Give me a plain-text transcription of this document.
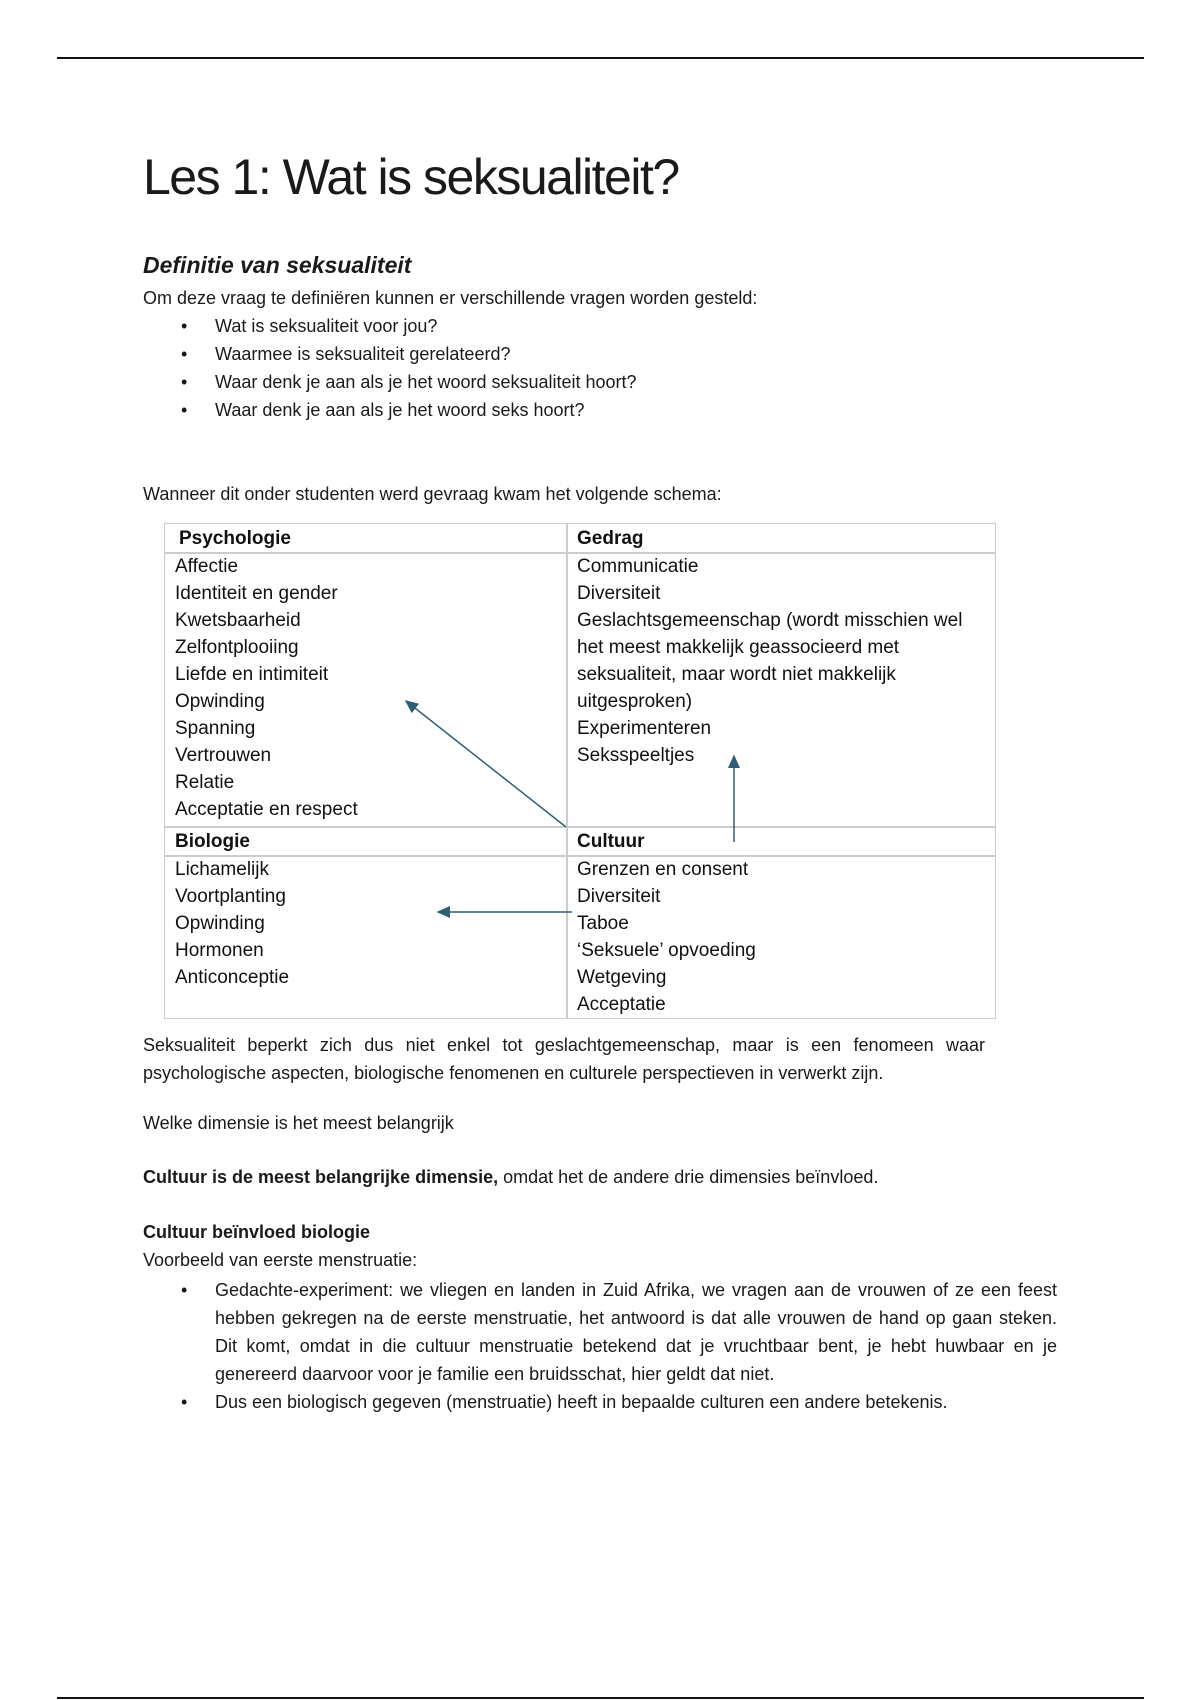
Les 1: Wat is seksualiteit?
Definitie van seksualiteit
Om deze vraag te definiëren kunnen er verschillende vragen worden gesteld:
• Wat is seksualiteit voor jou?
• Waarmee is seksualiteit gerelateerd?
• Waar denk je aan als je het woord seksualiteit hoort?
• Waar denk je aan als je het woord seks hoort?
Wanneer dit onder studenten werd gevraag kwam het volgende schema:
Psychologie	Gedrag
Affectie
Identiteit en gender
Kwetsbaarheid
Zelfontplooiing
Liefde en intimiteit
Opwinding
Spanning
Vertrouwen
Relatie
Acceptatie en respect
Communicatie
Diversiteit
Geslachtsgemeenschap (wordt misschien wel
het meest makkelijk geassocieerd met
seksualiteit, maar wordt niet makkelijk
uitgesproken)
Experimenteren
Seksspeeltjes
Biologie	Cultuur
Lichamelijk
Voortplanting
Opwinding
Hormonen
Anticonceptie
Grenzen en consent
Diversiteit
Taboe
‘Seksuele’ opvoeding
Wetgeving
Acceptatie
Seksualiteit beperkt zich dus niet enkel tot geslachtgemeenschap, maar is een fenomeen waar psychologische aspecten, biologische fenomenen en culturele perspectieven in verwerkt zijn.
Welke dimensie is het meest belangrijk
Cultuur is de meest belangrijke dimensie, omdat het de andere drie dimensies beïnvloed.
Cultuur beïnvloed biologie
Voorbeeld van eerste menstruatie:
• Gedachte-experiment: we vliegen en landen in Zuid Afrika, we vragen aan de vrouwen of ze een feest hebben gekregen na de eerste menstruatie, het antwoord is dat alle vrouwen de hand op gaan steken. Dit komt, omdat in die cultuur menstruatie betekend dat je vruchtbaar bent, je hebt huwbaar en je genereerd daarvoor voor je familie een bruidsschat, hier geldt dat niet.
• Dus een biologisch gegeven (menstruatie) heeft in bepaalde culturen een andere betekenis.
